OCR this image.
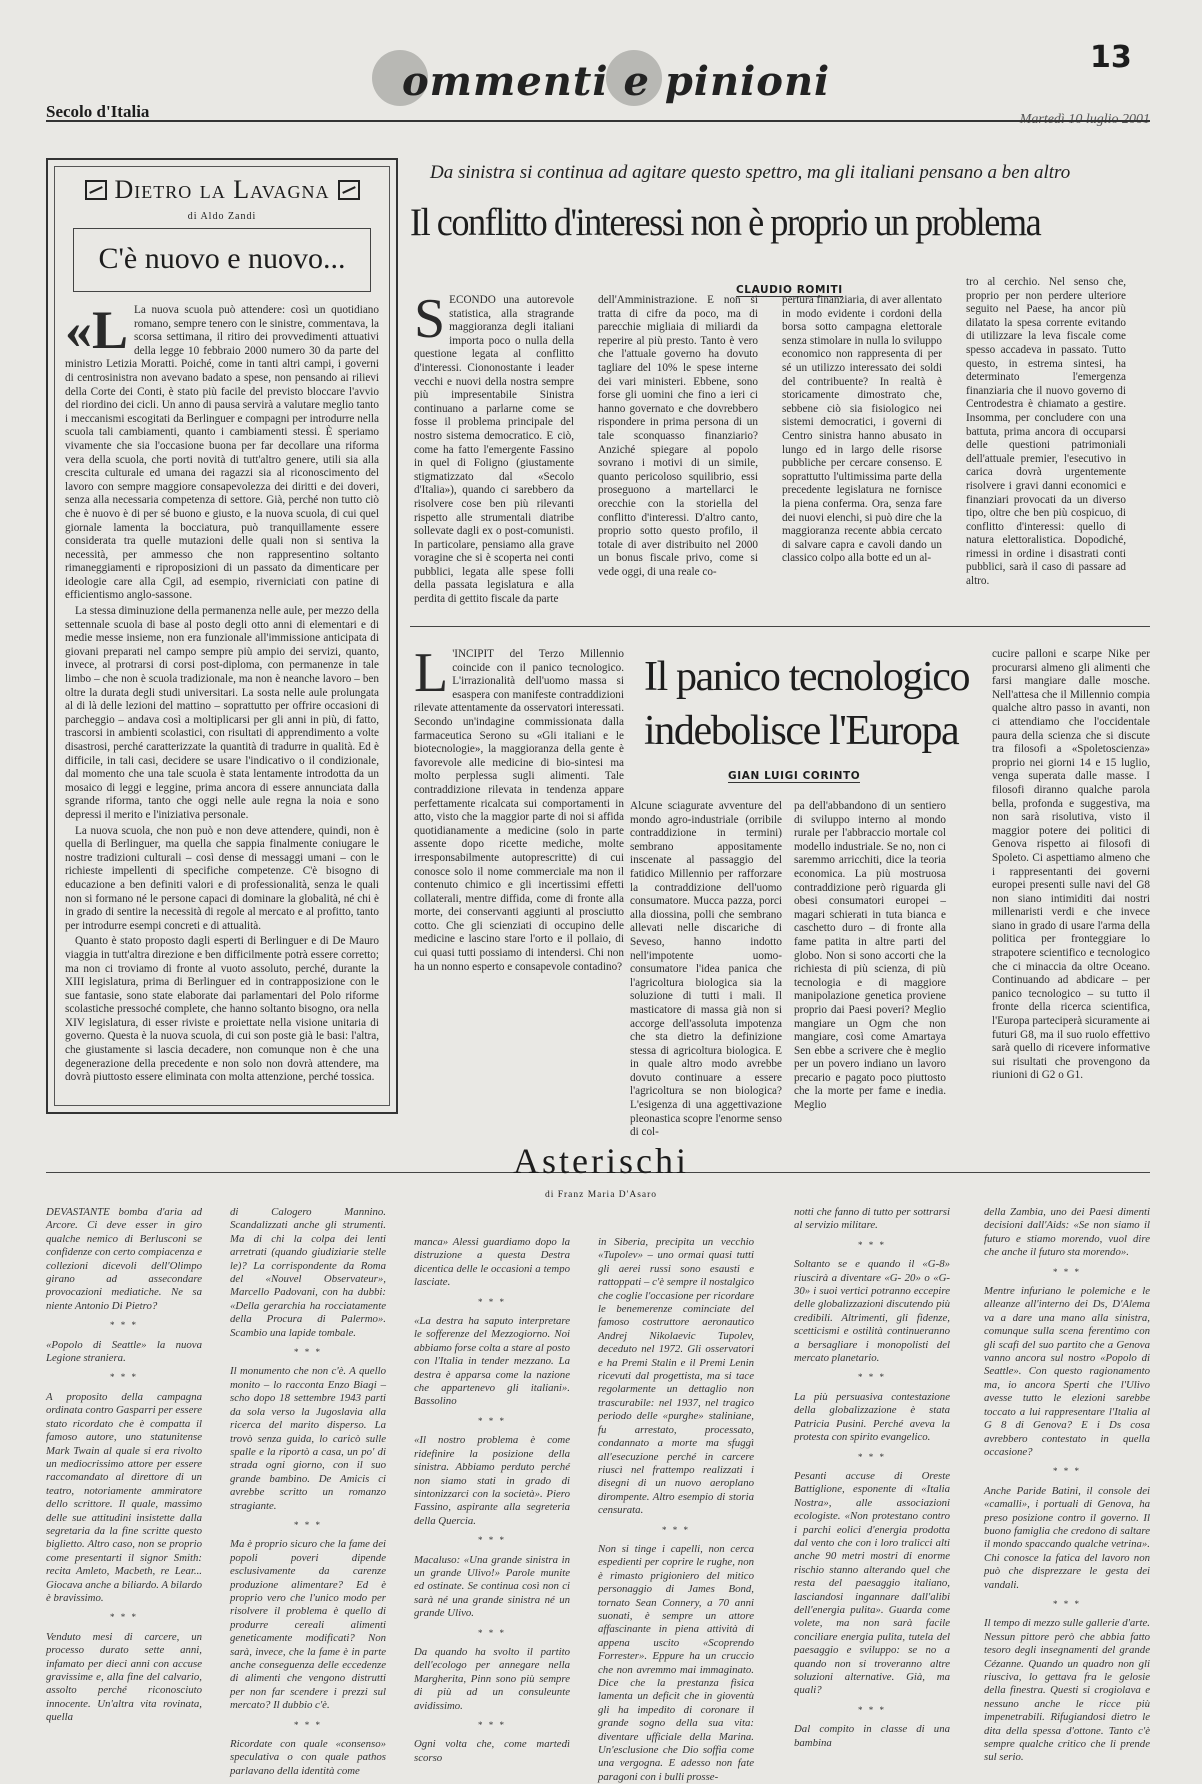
ommenti e pinioni
13
Secolo d'Italia	Martedì 10 luglio 2001
Dietro la Lavagna
di Aldo Zandi
C'è nuovo e nuovo...
«L La nuova scuola può attendere: così un quotidiano romano, sempre tenero con le sinistre, commentava, la scorsa settimana, il ritiro dei provvedimenti attuativi della legge 10 febbraio 2000 numero 30 da parte del ministro Letizia Moratti. Poiché, come in tanti altri campi, i governi di centrosinistra non avevano badato a spese, non pensando ai rilievi della Corte dei Conti, è stato più facile del previsto bloccare l'avvio del riordino dei cicli. Un anno di pausa servirà a valutare meglio tanto i meccanismi escogitati da Berlinguer e compagni per introdurre nella scuola tali cambiamenti, quanto i cambiamenti stessi. È speriamo vivamente che sia l'occasione buona per far decollare una riforma vera della scuola, che porti novità di tutt'altro genere, utili sia alla crescita culturale ed umana dei ragazzi sia al riconoscimento del lavoro con sempre maggiore consapevolezza dei diritti e dei doveri, senza alla necessaria competenza di settore. Già, perché non tutto ciò che è nuovo è di per sé buono e giusto, e la nuova scuola, di cui quel giornale lamenta la bocciatura, può tranquillamente essere considerata tra quelle mutazioni delle quali non si sentiva la necessità, per ammesso che non rappresentino soltanto rimaneggiamenti e riproposizioni di un passato da dimenticare per ideologie care alla Cgil, ad esempio, riverniciati con patine di efficientismo anglo-sassone.

La stessa diminuzione della permanenza nelle aule, per mezzo della settennale scuola di base al posto degli otto anni di elementari e di medie messe insieme, non era funzionale all'immissione anticipata di giovani preparati nel campo sempre più ampio dei servizi, quanto, invece, al protrarsi di corsi post-diploma, con permanenze in tale limbo – che non è scuola tradizionale, ma non è neanche lavoro – ben oltre la durata degli studi universitari. La sosta nelle aule prolungata al di là delle lezioni del mattino – soprattutto per offrire occasioni di parcheggio – andava così a moltiplicarsi per gli anni in più, di fatto, trascorsi in ambienti scolastici, con risultati di apprendimento a volte disastrosi, perché caratterizzate la quantità di tradurre in qualità. Ed è difficile, in tali casi, decidere se usare l'indicativo o il condizionale, dal momento che una tale scuola è stata lentamente introdotta da un mosaico di leggi e leggine, prima ancora di essere annunciata dalla sgrande riforma, tanto che oggi nelle aule regna la noia e sono depressi il merito e l'iniziativa personale.

La nuova scuola, che non può e non deve attendere, quindi, non è quella di Berlinguer, ma quella che sappia finalmente coniugare le nostre tradizioni culturali – così dense di messaggi umani – con le richieste impellenti di specifiche competenze. C'è bisogno di educazione a ben definiti valori e di professionalità, senza le quali non si formano né le persone capaci di dominare la globalità, né chi è in grado di sentire la necessità di regole al mercato e al profitto, tanto per introdurre esempi concreti e di attualità.

Quanto è stato proposto dagli esperti di Berlinguer e di De Mauro viaggia in tutt'altra direzione e ben difficilmente potrà essere corretto; ma non ci troviamo di fronte al vuoto assoluto, perché, durante la XIII legislatura, prima di Berlinguer ed in contrapposizione con le sue fantasie, sono state elaborate dai parlamentari del Polo riforme scolastiche pressoché complete, che hanno soltanto bisogno, ora nella XIV legislatura, di esser riviste e proiettate nella visione unitaria di governo. Questa è la nuova scuola, di cui son poste già le basi: l'altra, che giustamente si lascia decadere, non comunque non è che una degenerazione della precedente e non solo non dovrà attendere, ma dovrà piuttosto essere eliminata con molta attenzione, perché tossica.

Da sinistra si continua ad agitare questo spettro, ma gli italiani pensano a ben altro
Il conflitto d'interessi non è proprio un problema
CLAUDIO ROMITI
S ECONDO una autorevole statistica, alla stragrande maggioranza degli italiani importa poco o nulla della questione legata al conflitto d'interessi. Ciononostante i leader vecchi e nuovi della nostra sempre più impresentabile Sinistra continuano a parlarne come se fosse il problema principale del nostro sistema democratico. E ciò, come ha fatto l'emergente Fassino in quel di Foligno (giustamente stigmatizzato dal «Secolo d'Italia»), quando ci sarebbero da risolvere cose ben più rilevanti rispetto alle strumentali diatribe sollevate dagli ex o post-comunisti. In particolare, pensiamo alla grave voragine che si è scoperta nei conti pubblici, legata alle spese folli della passata legislatura e alla perdita di gettito fiscale da parte
dell'Amministrazione. E non si tratta di cifre da poco, ma di parecchie migliaia di miliardi da reperire al più presto. Tanto è vero che l'attuale governo ha dovuto tagliare del 10% le spese interne dei vari ministeri. Ebbene, sono forse gli uomini che fino a ieri ci hanno governato e che dovrebbero rispondere in prima persona di un tale sconquasso finanziario? Anziché spiegare al popolo sovrano i motivi di un simile, quanto pericoloso squilibrio, essi proseguono a martellarci le orecchie con la storiella del conflitto d'interessi. D'altro canto, proprio sotto questo profilo, il totale di aver distribuito nel 2000 un bonus fiscale privo, come si vede oggi, di una reale co-
pertura finanziaria, di aver allentato in modo evidente i cordoni della borsa sotto campagna elettorale senza stimolare in nulla lo sviluppo economico non rappresenta di per sé un utilizzo interessato dei soldi del contribuente? In realtà è storicamente dimostrato che, sebbene ciò sia fisiologico nei sistemi democratici, i governi di Centro sinistra hanno abusato in lungo ed in largo delle risorse pubbliche per cercare consenso. E soprattutto l'ultimissima parte della precedente legislatura ne fornisce la piena conferma. Ora, senza fare dei nuovi elenchi, si può dire che la maggioranza recente abbia cercato di salvare capra e cavoli dando un classico colpo alla botte ed un al-
tro al cerchio. Nel senso che, proprio per non perdere ulteriore seguito nel Paese, ha ancor più dilatato la spesa corrente evitando di utilizzare la leva fiscale come spesso accadeva in passato. Tutto questo, in estrema sintesi, ha determinato l'emergenza finanziaria che il nuovo governo di Centrodestra è chiamato a gestire. Insomma, per concludere con una battuta, prima ancora di occuparsi delle questioni patrimoniali dell'attuale premier, l'esecutivo in carica dovrà urgentemente risolvere i gravi danni economici e finanziari provocati da un diverso tipo, oltre che ben più cospicuo, di conflitto d'interessi: quello di natura elettoralistica. Dopodiché, rimessi in ordine i disastrati conti pubblici, sarà il caso di passare ad altro.
L 'INCIPIT del Terzo Millennio coincide con il panico tecnologico. L'irrazionalità dell'uomo massa si esaspera con manifeste contraddizioni rilevate attentamente da osservatori interessati. Secondo un'indagine commissionata dalla farmaceutica Serono su «Gli italiani e le biotecnologie», la maggioranza della gente è favorevole alle medicine di bio-sintesi ma molto perplessa sugli alimenti. Tale contraddizione rilevata in tendenza appare perfettamente ricalcata sui comportamenti in atto, visto che la maggior parte di noi si affida quotidianamente a medicine (solo in parte assente dopo ricette mediche, molte irresponsabilmente autoprescritte) di cui conosce solo il nome commerciale ma non il contenuto chimico e gli incertissimi effetti collaterali, mentre diffida, come di fronte alla morte, dei conservanti aggiunti al prosciutto cotto. Che gli scienziati di occupino delle medicine e lascino stare l'orto e il pollaio, di cui quasi tutti possiamo di intendersi. Chi non ha un nonno esperto e consapevole contadino?
Il panico tecnologico indebolisce l'Europa
GIAN LUIGI CORINTO
Alcune sciagurate avventure del mondo agro-industriale (orribile contraddizione in termini) sembrano appositamente inscenate al passaggio del fatidico Millennio per rafforzare la contraddizione dell'uomo consumatore. Mucca pazza, porci alla diossina, polli che sembrano allevati nelle discariche di Seveso, hanno indotto nell'impotente uomo-consumatore l'idea panica che l'agricoltura biologica sia la soluzione di tutti i mali. Il masticatore di massa già non si accorge dell'assoluta impotenza che sta dietro la definizione stessa di agricoltura biologica. E in quale altro modo avrebbe dovuto continuare a essere l'agricoltura se non biologica? L'esigenza di una aggettivazione pleonastica scopre l'enorme senso di col-
pa dell'abbandono di un sentiero di sviluppo interno al mondo rurale per l'abbraccio mortale col modello industriale. Se no, non ci saremmo arricchiti, dice la teoria economica. La più mostruosa contraddizione però riguarda gli obesi consumatori europei – magari schierati in tuta bianca e caschetto duro – di fronte alla fame patita in altre parti del globo. Non si sono accorti che la richiesta di più scienza, di più tecnologia e di maggiore manipolazione genetica proviene proprio dai Paesi poveri? Meglio mangiare un Ogm che non mangiare, così come Amartaya Sen ebbe a scrivere che è meglio per un povero indiano un lavoro precario e pagato poco piuttosto che la morte per fame e inedia. Meglio
cucire palloni e scarpe Nike per procurarsi almeno gli alimenti che farsi mangiare dalle mosche. Nell'attesa che il Millennio compia qualche altro passo in avanti, non ci attendiamo che l'occidentale paura della scienza che si discute tra filosofi a «Spoletoscienza» proprio nei giorni 14 e 15 luglio, venga superata dalle masse. I filosofi diranno qualche parola bella, profonda e suggestiva, ma non sarà risolutiva, visto il maggior potere dei politici di Genova rispetto ai filosofi di Spoleto. Ci aspettiamo almeno che i rappresentanti dei governi europei presenti sulle navi del G8 non siano intimiditi dai nostri millenaristi verdi e che invece siano in grado di usare l'arma della politica per fronteggiare lo strapotere scientifico e tecnologico che ci minaccia da oltre Oceano. Continuando ad abdicare – per panico tecnologico – su tutto il fronte della ricerca scientifica, l'Europa parteciperà sicuramente ai futuri G8, ma il suo ruolo effettivo sarà quello di ricevere informative sui risultati che provengono da riunioni di G2 o G1.
Asterischi
di Franz Maria D'Asaro

DEVASTANTE bomba d'aria ad Arcore. Ci deve esser in giro qualche nemico di Berlusconi se confidenze con certo compiacenza e collezioni dicevoli dell'Olimpo girano ad assecondare provocazioni mediatiche. Ne sa niente Antonio Di Pietro?

* * *

«Popolo di Seattle» la nuova Legione straniera.

* * *

A proposito della campagna ordinata contro Gasparri per essere stato ricordato che è compatta il famoso autore, uno statunitense Mark Twain al quale si era rivolto un mediocrissimo attore per essere raccomandato al direttore di un teatro, notoriamente ammiratore dello scrittore. Il quale, massimo delle sue attitudini insistette dalla segretaria da la fine scritte questo biglietto. Altro caso, non se proprio come presentarti il signor Smith: recita Amleto, Macbeth, re Lear... Giocava anche a biliardo. A bilardo è bravissimo.

* * *

Venduto mesi di carcere, un processo durato sette anni, infamato per dieci anni con accuse gravissime e, alla fine del calvario, assolto perché riconosciuto innocente. Un'altra vita rovinata, quella

di Calogero Mannino. Scandalizzati anche gli strumenti. Ma di chi la colpa dei lenti arretrati (quando giudiziarie stelle le)? La corrispondente da Roma del «Nouvel Observateur», Marcello Padovani, con ha dubbi: «Della gerarchia ha rocciatamente della Procura di Palermo». Scambio una lapide tombale.

* * *

Il monumento che non c'è. A quello monito – lo racconta Enzo Biagi – scho dopo 18 settembre 1943 parti da sola verso la Jugoslavia alla ricerca del marito disperso. La trovò senza guida, lo caricò sulle spalle e la riportò a casa, un po' di strada ogni giorno, con il suo grande bambino. De Amicis ci avrebbe scritto un romanzo stragiante.

* * *

Ma è proprio sicuro che la fame dei popoli poveri dipende esclusivamente da carenze produzione alimentare? Ed è proprio vero che l'unico modo per risolvere il problema è quello di produrre cereali alimenti geneticamente modificati? Non sarà, invece, che la fame è in parte anche conseguenza delle eccedenze di alimenti che vengono distrutti per non far scendere i prezzi sul mercato? Il dubbio c'è.

* * *

Ricordate con quale «consenso» speculativa o con quale pathos parlavano della identità come

manca» Alessi guardiamo dopo la distruzione a questa Destra dicentica delle le occasioni a tempo lasciate.

* * *

«La destra ha saputo interpretare le sofferenze del Mezzogiorno. Noi abbiamo forse colta a stare al posto con l'Italia in tender mezzano. La destra è apparsa come la nazione che appartenevo gli italiani». Bassolino

* * *

«Il nostro problema è come ridefinire la posizione della sinistra. Abbiamo perduto perché non siamo stati in grado di sintonizzarci con la società». Piero Fassino, aspirante alla segreteria della Quercia.

* * *

Macaluso: «Una grande sinistra in un grande Ulivo!» Parole munite ed ostinate. Se continua così non ci sarà né una grande sinistra né un grande Ulivo.

* * *

Da quando ha svolto il partito dell'ecologo per annegare nella Margherita, Pinn sono più sempre di più ad un consuleunte avidissimo.

* * *

Ogni volta che, come martedì scorso

in Siberia, precipita un vecchio «Tupolev» – uno ormai quasi tutti gli aerei russi sono esausti e rattoppati – c'è sempre il nostalgico che coglie l'occasione per ricordare le benemerenze cominciate del famoso costruttore aeronautico Andrej Nikolaevic Tupolev, deceduto nel 1972. Gli osservatori e ha Premi Stalin e il Premi Lenin ricevuti dal progettista, ma si tace regolarmente un dettaglio non trascurabile: nel 1937, nel tragico periodo delle «purghe» staliniane, fu arrestato, processato, condannato a morte ma sfuggì all'esecuzione perché in carcere riuscì nel frattempo realizzati i disegni di un nuovo aeroplano dirompente. Altro esempio di storia censurata.

* * *

Non si tinge i capelli, non cerca espedienti per coprire le rughe, non è rimasto prigioniero del mitico personaggio di James Bond, tornato Sean Connery, a 70 anni suonati, è sempre un attore affascinante in piena attività di appena uscito «Scoprendo Forrester». Eppure ha un cruccio che non avremmo mai immaginato. Dice che la prestanza fisica lamenta un deficit che in gioventù gli ha impedito di coronare il grande sogno della sua vita: diventare ufficiale della Marina. Un'esclusione che Dio soffia come una vergogna. E adesso non fate paragoni con i bulli prosse-

notti che fanno di tutto per sottrarsi al servizio militare.

* * *

Soltanto se e quando il «G-8» riuscirà a diventare «G- 20» o «G- 30» i suoi vertici potranno eccepire delle globalizzazioni discutendo più credibili. Altrimenti, gli fidenze, scetticismi e ostilità continueranno a bersagliare i monopolisti del mercato planetario.

* * *

La più persuasiva contestazione della globalizzazione è stata Patricia Pusini. Perché aveva la protesta con spirito evangelico.

* * *

Pesanti accuse di Oreste Battiglione, esponente di «Italia Nostra», alle associazioni ecologiste. «Non protestano contro i parchi eolici d'energia prodotta dal vento che con i loro tralicci alti anche 90 metri mostri di enorme rischio stanno alterando quel che resta del paesaggio italiano, lasciandosi ingannare dall'alibi dell'energia pulita». Guarda come volete, ma non sarà facile conciliare energia pulita, tutela del paesaggio e sviluppo: se no a quando non si troveranno altre soluzioni alternative. Già, ma quali?

* * *

Dal compito in classe di una bambina

della Zambia, uno dei Paesi dimenti decisioni dall'Aids: «Se non siamo il futuro e stiamo morendo, vuol dire che anche il futuro sta morendo».

* * *

Mentre infuriano le polemiche e le alleanze all'interno dei Ds, D'Alema va a dare una mano alla sinistra, comunque sulla scena ferentimo con gli scafi del suo partito che a Genova vanno ancora sul nostro «Popolo di Seattle». Con questo ragionamento ma, io ancora Sperti che l'Ulivo avesse tutto le elezioni sarebbe toccato a lui rappresentare l'Italia al G 8 di Genova? E i Ds cosa avrebbero contestato in quella occasione?

* * *

Anche Paride Batini, il console dei «camalli», i portuali di Genova, ha preso posizione contro il governo. Il buono famiglia che credono di saltare il mondo spaccando qualche vetrina». Chi conosce la fatica del lavoro non può che disprezzare le gesta dei vandali.

* * *

Il tempo di mezzo sulle gallerie d'arte. Nessun pittore però che abbia fatto tesoro degli insegnamenti del grande Cézanne. Quando un quadro non gli riusciva, lo gettava fra le gelosie della finestra. Questi si crogiolava e nessuno anche le ricce più impenetrabili. Rifugiandosi dietro le dita della spessa d'ottone. Tanto c'è sempre qualche critico che li prende sul serio.
